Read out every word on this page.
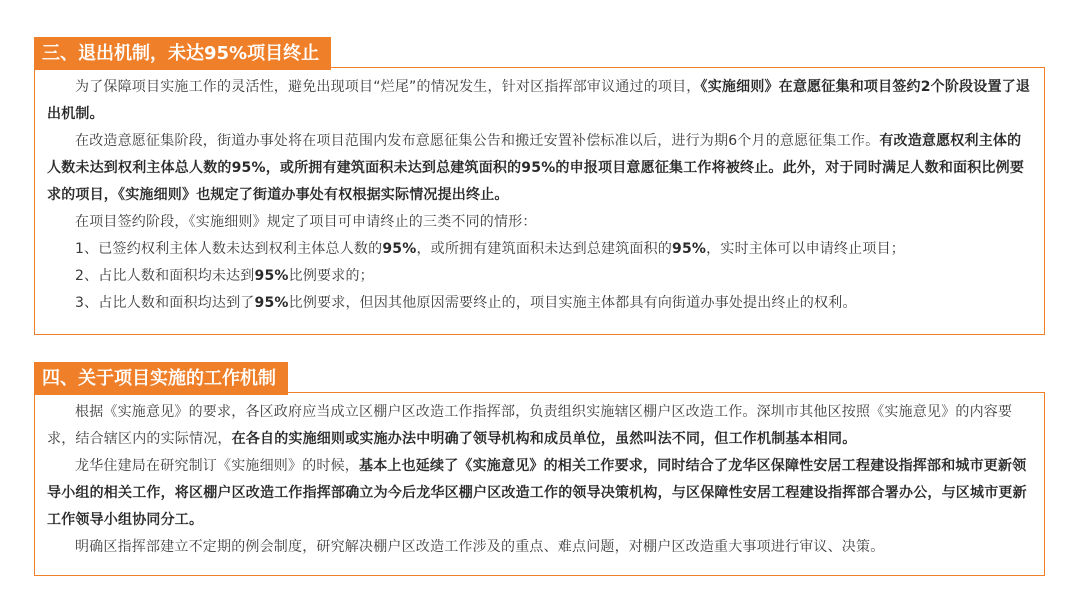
为了保障项目实施工作的灵活性，避免出现项目“烂尾”的情况发生，针对区指挥部审议通过的项目，《实施细则》在意愿征集和项目签约2个阶段设置了退出机制。

在改造意愿征集阶段，街道办事处将在项目范围内发布意愿征集公告和搬迁安置补偿标准以后，进行为期6个月的意愿征集工作。有改造意愿权利主体的人数未达到权利主体总人数的95%，或所拥有建筑面积未达到总建筑面积的95%的申报项目意愿征集工作将被终止。此外，对于同时满足人数和面积比例要求的项目，《实施细则》也规定了街道办事处有权根据实际情况提出终止。

在项目签约阶段，《实施细则》规定了项目可申请终止的三类不同的情形：

1、已签约权利主体人数未达到权利主体总人数的95%，或所拥有建筑面积未达到总建筑面积的95%，实时主体可以申请终止项目；

2、占比人数和面积均未达到95%比例要求的；

3、占比人数和面积均达到了95%比例要求，但因其他原因需要终止的，项目实施主体都具有向街道办事处提出终止的权利。

三、退出机制，未达95%项目终止

根据《实施意见》的要求，各区政府应当成立区棚户区改造工作指挥部，负责组织实施辖区棚户区改造工作。深圳市其他区按照《实施意见》的内容要求，结合辖区内的实际情况，在各自的实施细则或实施办法中明确了领导机构和成员单位，虽然叫法不同，但工作机制基本相同。

龙华住建局在研究制订《实施细则》的时候，基本上也延续了《实施意见》的相关工作要求，同时结合了龙华区保障性安居工程建设指挥部和城市更新领导小组的相关工作，将区棚户区改造工作指挥部确立为今后龙华区棚户区改造工作的领导决策机构，与区保障性安居工程建设指挥部合署办公，与区城市更新工作领导小组协同分工。

明确区指挥部建立不定期的例会制度，研究解决棚户区改造工作涉及的重点、难点问题，对棚户区改造重大事项进行审议、决策。

四、关于项目实施的工作机制
